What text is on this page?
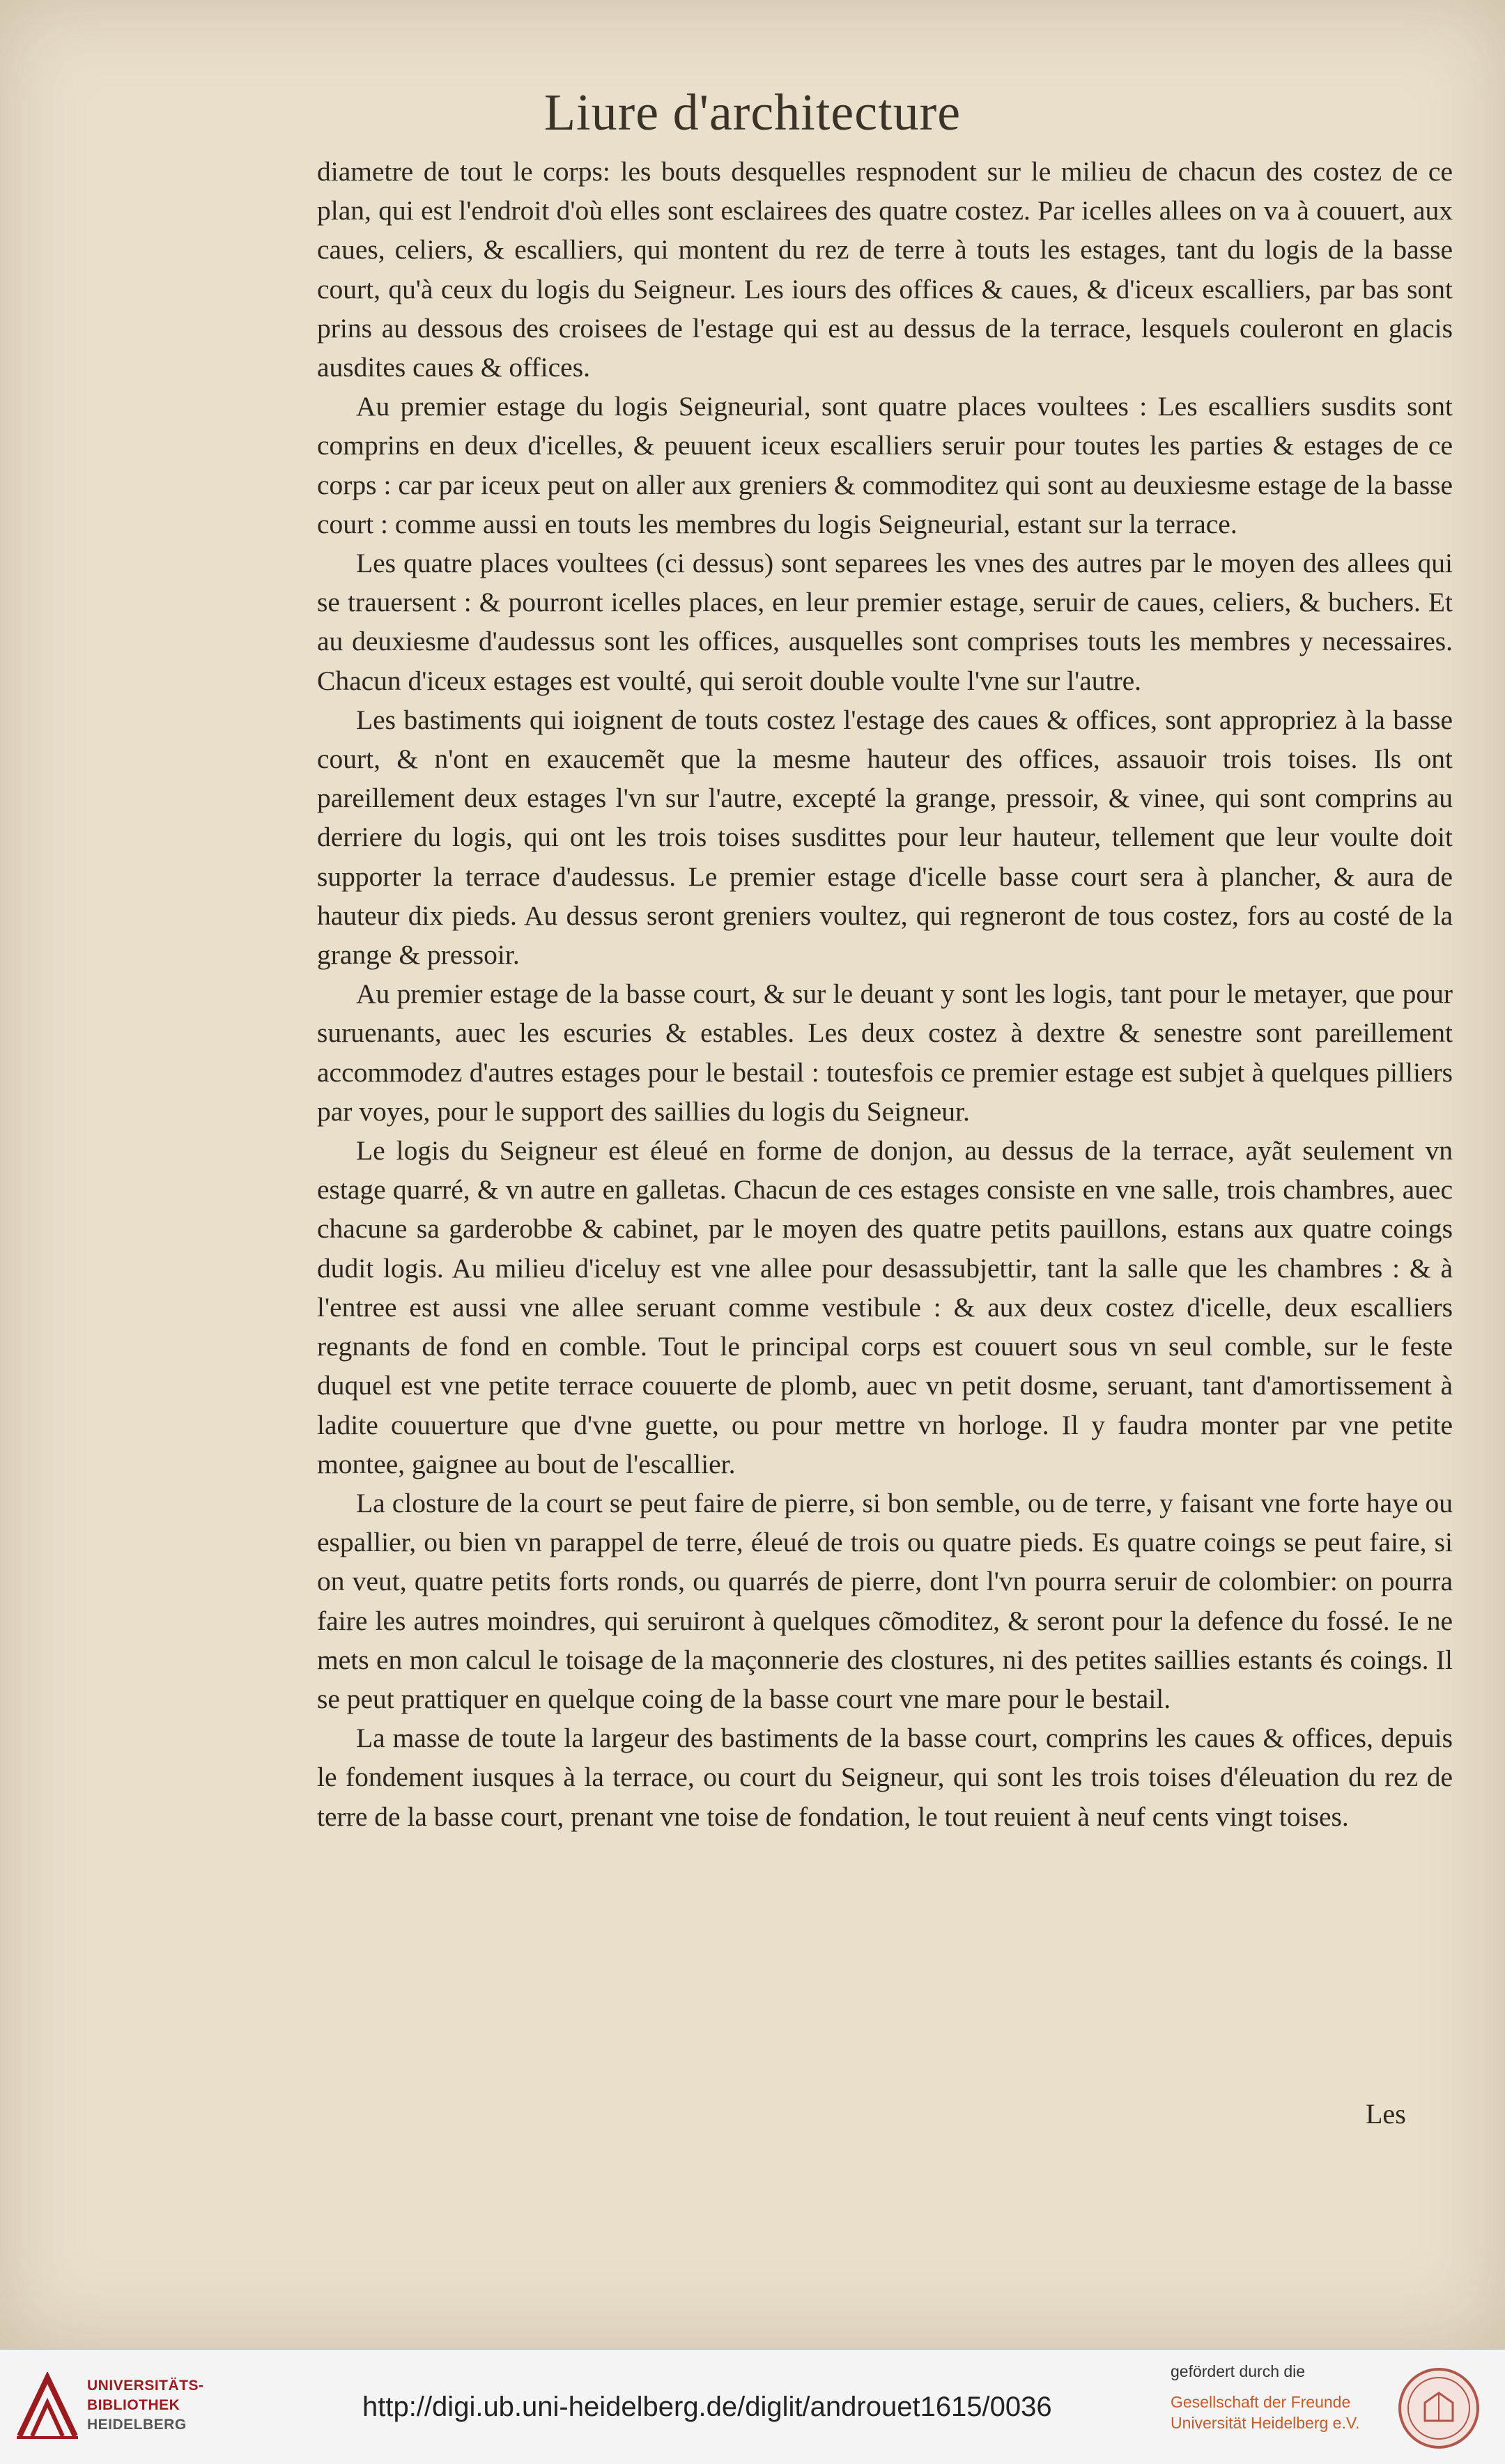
Liure d'architecture

diametre de tout le corps: les bouts desquelles respnodent sur le milieu de chacun des costez de ce plan, qui est l'endroit d'où elles sont esclairees des quatre costez. Par icelles allees on va à couuert, aux caues, celiers, & escalliers, qui montent du rez de terre à touts les estages, tant du logis de la basse court, qu'à ceux du logis du Seigneur. Les iours des offices & caues, & d'iceux escalliers, par bas sont prins au dessous des croisees de l'estage qui est au dessus de la terrace, lesquels couleront en glacis ausdites caues & offices.

Au premier estage du logis Seigneurial, sont quatre places voultees : Les escalliers susdits sont comprins en deux d'icelles, & peuuent iceux escalliers seruir pour toutes les parties & estages de ce corps : car par iceux peut on aller aux greniers & commoditez qui sont au deuxiesme estage de la basse court : comme aussi en touts les membres du logis Seigneurial, estant sur la terrace.

Les quatre places voultees (ci dessus) sont separees les vnes des autres par le moyen des allees qui se trauersent : & pourront icelles places, en leur premier estage, seruir de caues, celiers, & buchers. Et au deuxiesme d'audessus sont les offices, ausquelles sont comprises touts les membres y necessaires. Chacun d'iceux estages est voulté, qui seroit double voulte l'vne sur l'autre.

Les bastiments qui ioignent de touts costez l'estage des caues & offices, sont appropriez à la basse court, & n'ont en exaucemẽt que la mesme hauteur des offices, assauoir trois toises. Ils ont pareillement deux estages l'vn sur l'autre, excepté la grange, pressoir, & vinee, qui sont comprins au derriere du logis, qui ont les trois toises susdittes pour leur hauteur, tellement que leur voulte doit supporter la terrace d'audessus. Le premier estage d'icelle basse court sera à plancher, & aura de hauteur dix pieds. Au dessus seront greniers voultez, qui regneront de tous costez, fors au costé de la grange & pressoir.

Au premier estage de la basse court, & sur le deuant y sont les logis, tant pour le metayer, que pour suruenants, auec les escuries & estables. Les deux costez à dextre & senestre sont pareillement accommodez d'autres estages pour le bestail : toutesfois ce premier estage est subjet à quelques pilliers par voyes, pour le support des saillies du logis du Seigneur.

Le logis du Seigneur est éleué en forme de donjon, au dessus de la terrace, ayãt seulement vn estage quarré, & vn autre en galletas. Chacun de ces estages consiste en vne salle, trois chambres, auec chacune sa garderobbe & cabinet, par le moyen des quatre petits pauillons, estans aux quatre coings dudit logis. Au milieu d'iceluy est vne allee pour desassubjettir, tant la salle que les chambres : & à l'entree est aussi vne allee seruant comme vestibule : & aux deux costez d'icelle, deux escalliers regnants de fond en comble. Tout le principal corps est couuert sous vn seul comble, sur le feste duquel est vne petite terrace couuerte de plomb, auec vn petit dosme, seruant, tant d'amortissement à ladite couuerture que d'vne guette, ou pour mettre vn horloge. Il y faudra monter par vne petite montee, gaignee au bout de l'escallier.

La closture de la court se peut faire de pierre, si bon semble, ou de terre, y faisant vne forte haye ou espallier, ou bien vn parappel de terre, éleué de trois ou quatre pieds. Es quatre coings se peut faire, si on veut, quatre petits forts ronds, ou quarrés de pierre, dont l'vn pourra seruir de colombier: on pourra faire les autres moindres, qui seruiront à quelques cõmoditez, & seront pour la defence du fossé. Ie ne mets en mon calcul le toisage de la maçonnerie des clostures, ni des petites saillies estants és coings. Il se peut prattiquer en quelque coing de la basse court vne mare pour le bestail.

La masse de toute la largeur des bastiments de la basse court, comprins les caues & offices, depuis le fondement iusques à la terrace, ou court du Seigneur, qui sont les trois toises d'éleuation du rez de terre de la basse court, prenant vne toise de fondation, le tout reuient à neuf cents vingt toises.

Les
UNIVERSITÄTS-
BIBLIOTHEK
HEIDELBERG
http://digi.ub.uni-heidelberg.de/diglit/androuet1615/0036
gefördert durch die
Gesellschaft der Freunde
Universität Heidelberg e.V.
